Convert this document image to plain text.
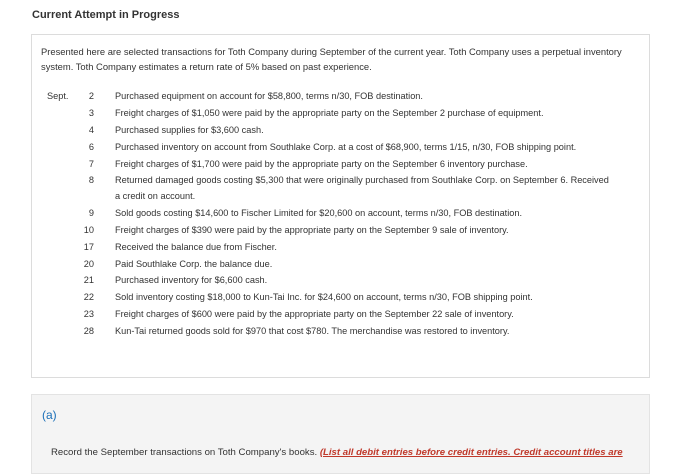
Current Attempt in Progress
Presented here are selected transactions for Toth Company during September of the current year. Toth Company uses a perpetual inventory system. Toth Company estimates a return rate of 5% based on past experience.
Sept.	2 Purchased equipment on account for $58,800, terms n/30, FOB destination.
3 Freight charges of $1,050 were paid by the appropriate party on the September 2 purchase of equipment.
4 Purchased supplies for $3,600 cash.
6 Purchased inventory on account from Southlake Corp. at a cost of $68,900, terms 1/15, n/30, FOB shipping point.
7 Freight charges of $1,700 were paid by the appropriate party on the September 6 inventory purchase.
8 Returned damaged goods costing $5,300 that were originally purchased from Southlake Corp. on September 6. Received a credit on account.
9 Sold goods costing $14,600 to Fischer Limited for $20,600 on account, terms n/30, FOB destination.
10 Freight charges of $390 were paid by the appropriate party on the September 9 sale of inventory.
17 Received the balance due from Fischer.
20 Paid Southlake Corp. the balance due.
21 Purchased inventory for $6,600 cash.
22 Sold inventory costing $18,000 to Kun-Tai Inc. for $24,600 on account, terms n/30, FOB shipping point.
23 Freight charges of $600 were paid by the appropriate party on the September 22 sale of inventory.
28 Kun-Tai returned goods sold for $970 that cost $780. The merchandise was restored to inventory.
(a)
Record the September transactions on Toth Company's books. (List all debit entries before credit entries. Credit account titles are
